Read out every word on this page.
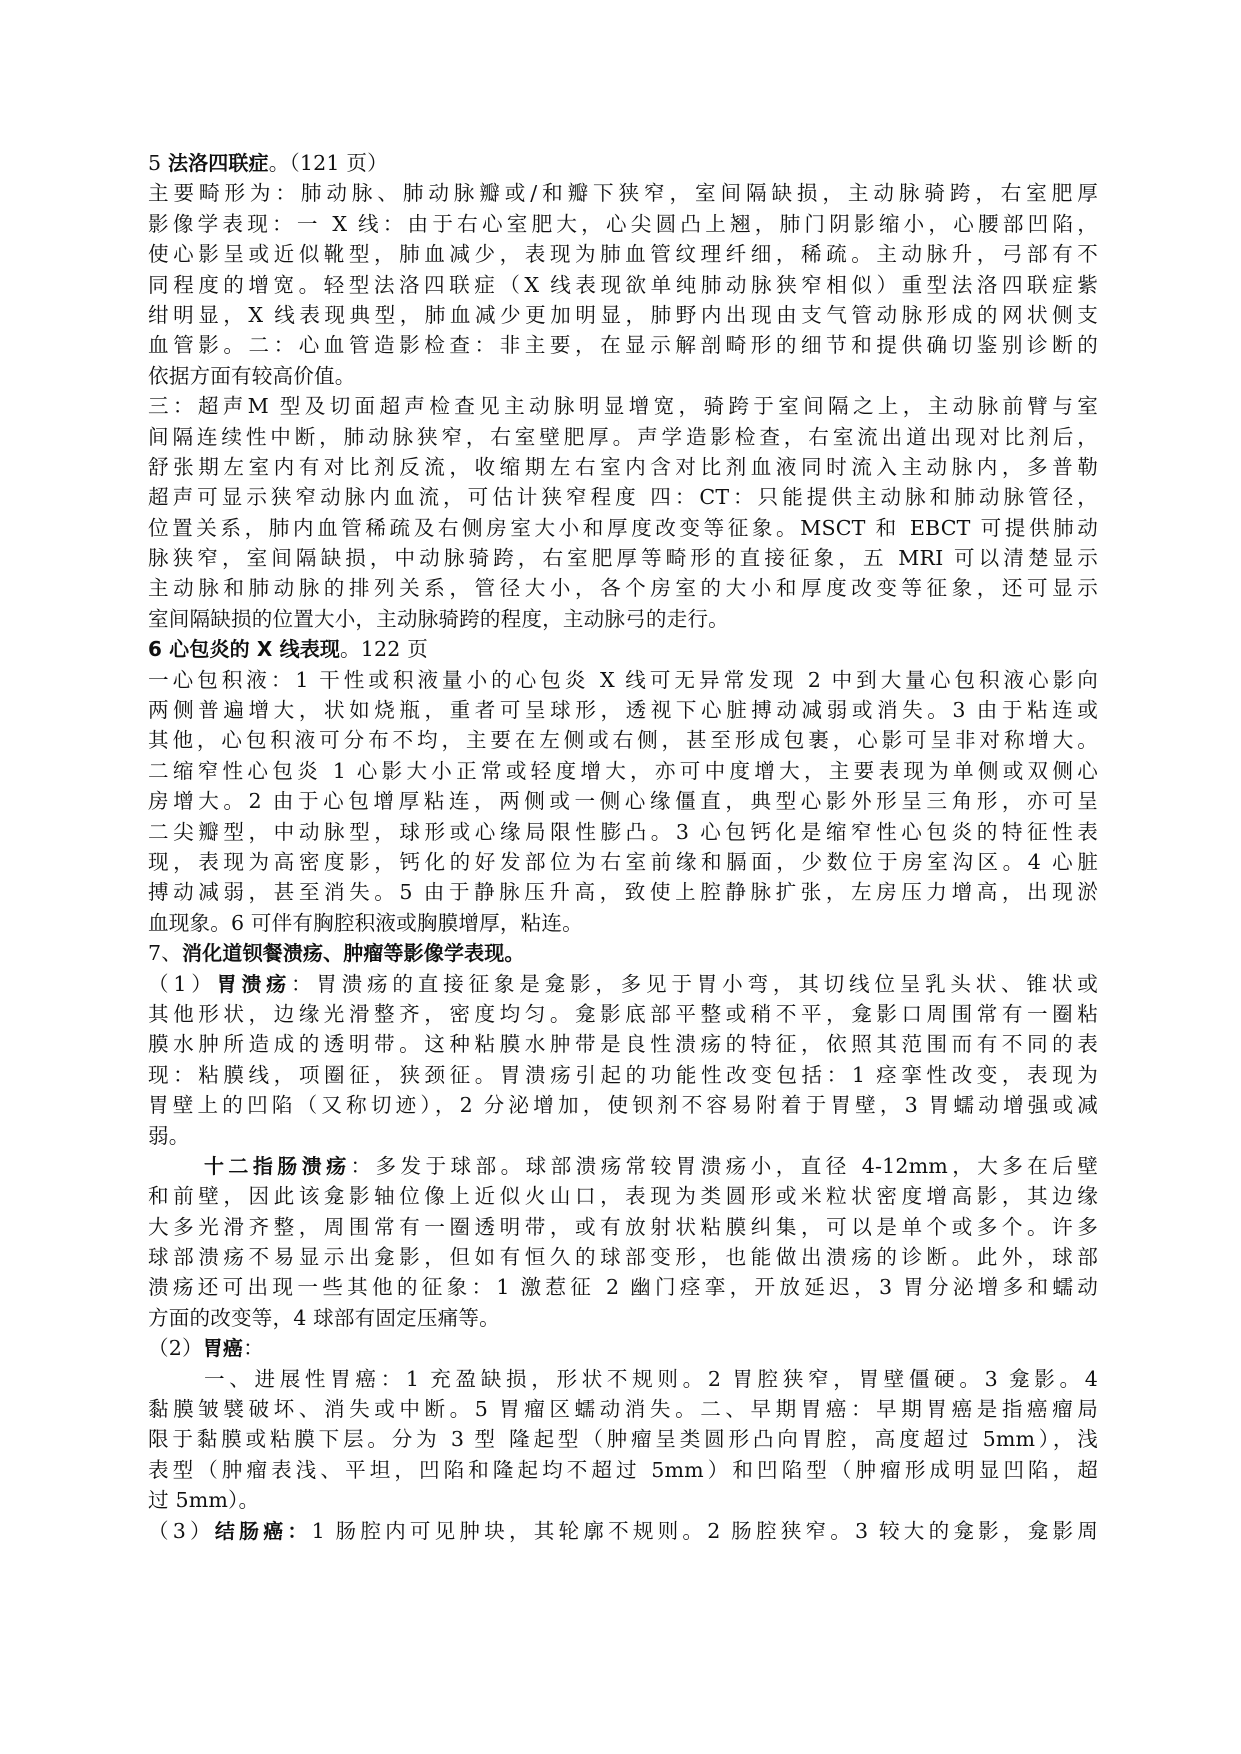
5 法洛四联症。（121 页）
主要畸形为：肺动脉、肺动脉瓣或/和瓣下狭窄，室间隔缺损，主动脉骑跨，右室肥厚
影像学表现：一 X 线：由于右心室肥大，心尖圆凸上翘，肺门阴影缩小，心腰部凹陷，
使心影呈或近似靴型，肺血减少，表现为肺血管纹理纤细，稀疏。主动脉升，弓部有不
同程度的增宽。轻型法洛四联症（X 线表现欲单纯肺动脉狭窄相似）重型法洛四联症紫
绀明显，X 线表现典型，肺血减少更加明显，肺野内出现由支气管动脉形成的网状侧支
血管影。二：心血管造影检查：非主要，在显示解剖畸形的细节和提供确切鉴别诊断的
依据方面有较高价值。
三：超声M 型及切面超声检查见主动脉明显增宽，骑跨于室间隔之上，主动脉前臂与室
间隔连续性中断，肺动脉狭窄，右室壁肥厚。声学造影检查，右室流出道出现对比剂后，
舒张期左室内有对比剂反流，收缩期左右室内含对比剂血液同时流入主动脉内，多普勒
超声可显示狭窄动脉内血流，可估计狭窄程度 四：CT：只能提供主动脉和肺动脉管径，
位置关系，肺内血管稀疏及右侧房室大小和厚度改变等征象。MSCT 和 EBCT 可提供肺动
脉狭窄，室间隔缺损，中动脉骑跨，右室肥厚等畸形的直接征象，五 MRI 可以清楚显示
主动脉和肺动脉的排列关系，管径大小，各个房室的大小和厚度改变等征象，还可显示
室间隔缺损的位置大小，主动脉骑跨的程度，主动脉弓的走行。
6 心包炎的 X 线表现。122 页
一心包积液：1 干性或积液量小的心包炎 X 线可无异常发现 2 中到大量心包积液心影向
两侧普遍增大，状如烧瓶，重者可呈球形，透视下心脏搏动减弱或消失。3 由于粘连或
其他，心包积液可分布不均，主要在左侧或右侧，甚至形成包裹，心影可呈非对称增大。
二缩窄性心包炎 1 心影大小正常或轻度增大，亦可中度增大，主要表现为单侧或双侧心
房增大。2 由于心包增厚粘连，两侧或一侧心缘僵直，典型心影外形呈三角形，亦可呈
二尖瓣型，中动脉型，球形或心缘局限性膨凸。3 心包钙化是缩窄性心包炎的特征性表
现，表现为高密度影，钙化的好发部位为右室前缘和膈面，少数位于房室沟区。4 心脏
搏动减弱，甚至消失。5 由于静脉压升高，致使上腔静脉扩张，左房压力增高，出现淤
血现象。6 可伴有胸腔积液或胸膜增厚，粘连。
7、消化道钡餐溃疡、肿瘤等影像学表现。
（1）胃溃疡：胃溃疡的直接征象是龛影，多见于胃小弯，其切线位呈乳头状、锥状或
其他形状，边缘光滑整齐，密度均匀。龛影底部平整或稍不平，龛影口周围常有一圈粘
膜水肿所造成的透明带。这种粘膜水肿带是良性溃疡的特征，依照其范围而有不同的表
现：粘膜线，项圈征，狭颈征。胃溃疡引起的功能性改变包括：1 痉挛性改变，表现为
胃壁上的凹陷（又称切迹），2 分泌增加，使钡剂不容易附着于胃壁，3 胃蠕动增强或减
弱。
十二指肠溃疡：多发于球部。球部溃疡常较胃溃疡小，直径 4-12mm，大多在后壁
和前壁，因此该龛影轴位像上近似火山口，表现为类圆形或米粒状密度增高影，其边缘
大多光滑齐整，周围常有一圈透明带，或有放射状粘膜纠集，可以是单个或多个。许多
球部溃疡不易显示出龛影，但如有恒久的球部变形，也能做出溃疡的诊断。此外，球部
溃疡还可出现一些其他的征象：1 激惹征 2 幽门痉挛，开放延迟，3 胃分泌增多和蠕动
方面的改变等，4 球部有固定压痛等。
（2）胃癌：
一、进展性胃癌：1 充盈缺损，形状不规则。2 胃腔狭窄，胃壁僵硬。3 龛影。4
黏膜皱襞破坏、消失或中断。5 胃瘤区蠕动消失。二、早期胃癌：早期胃癌是指癌瘤局
限于黏膜或粘膜下层。分为 3 型 隆起型（肿瘤呈类圆形凸向胃腔，高度超过 5mm），浅
表型（肿瘤表浅、平坦，凹陷和隆起均不超过 5mm）和凹陷型（肿瘤形成明显凹陷，超
过 5mm）。
（3）结肠癌：1 肠腔内可见肿块，其轮廓不规则。2 肠腔狭窄。3 较大的龛影，龛影周
